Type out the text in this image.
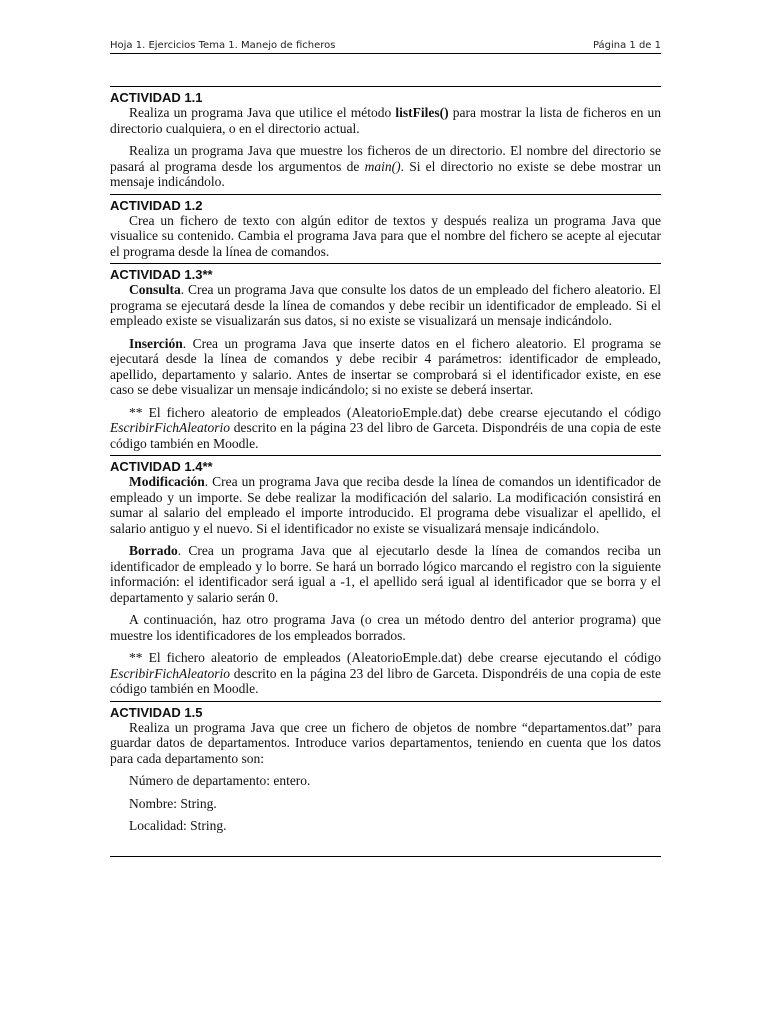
Hoja 1. Ejercicios Tema 1. Manejo de ficheros	Página 1 de 1
ACTIVIDAD 1.1

Realiza un programa Java que utilice el método listFiles() para mostrar la lista de ficheros en un directorio cualquiera, o en el directorio actual.

Realiza un programa Java que muestre los ficheros de un directorio. El nombre del directorio se pasará al programa desde los argumentos de main(). Si el directorio no existe se debe mostrar un mensaje indicándolo.

ACTIVIDAD 1.2

Crea un fichero de texto con algún editor de textos y después realiza un programa Java que visualice su contenido. Cambia el programa Java para que el nombre del fichero se acepte al ejecutar el programa desde la línea de comandos.

ACTIVIDAD 1.3**

Consulta. Crea un programa Java que consulte los datos de un empleado del fichero aleatorio. El programa se ejecutará desde la línea de comandos y debe recibir un identificador de empleado. Si el empleado existe se visualizarán sus datos, si no existe se visualizará un mensaje indicándolo.

Inserción. Crea un programa Java que inserte datos en el fichero aleatorio. El programa se ejecutará desde la línea de comandos y debe recibir 4 parámetros: identificador de empleado, apellido, departamento y salario. Antes de insertar se comprobará si el identificador existe, en ese caso se debe visualizar un mensaje indicándolo; si no existe se deberá insertar.

** El fichero aleatorio de empleados (AleatorioEmple.dat) debe crearse ejecutando el código EscribirFichAleatorio descrito en la página 23 del libro de Garceta. Dispondréis de una copia de este código también en Moodle.

ACTIVIDAD 1.4**

Modificación. Crea un programa Java que reciba desde la línea de comandos un identificador de empleado y un importe. Se debe realizar la modificación del salario. La modificación consistirá en sumar al salario del empleado el importe introducido. El programa debe visualizar el apellido, el salario antiguo y el nuevo. Si el identificador no existe se visualizará mensaje indicándolo.

Borrado. Crea un programa Java que al ejecutarlo desde la línea de comandos reciba un identificador de empleado y lo borre. Se hará un borrado lógico marcando el registro con la siguiente información: el identificador será igual a -1, el apellido será igual al identificador que se borra y el departamento y salario serán 0.

A continuación, haz otro programa Java (o crea un método dentro del anterior programa) que muestre los identificadores de los empleados borrados.

** El fichero aleatorio de empleados (AleatorioEmple.dat) debe crearse ejecutando el código EscribirFichAleatorio descrito en la página 23 del libro de Garceta. Dispondréis de una copia de este código también en Moodle.

ACTIVIDAD 1.5

Realiza un programa Java que cree un fichero de objetos de nombre “departamentos.dat” para guardar datos de departamentos. Introduce varios departamentos, teniendo en cuenta que los datos para cada departamento son:

Número de departamento: entero.

Nombre: String.

Localidad: String.
